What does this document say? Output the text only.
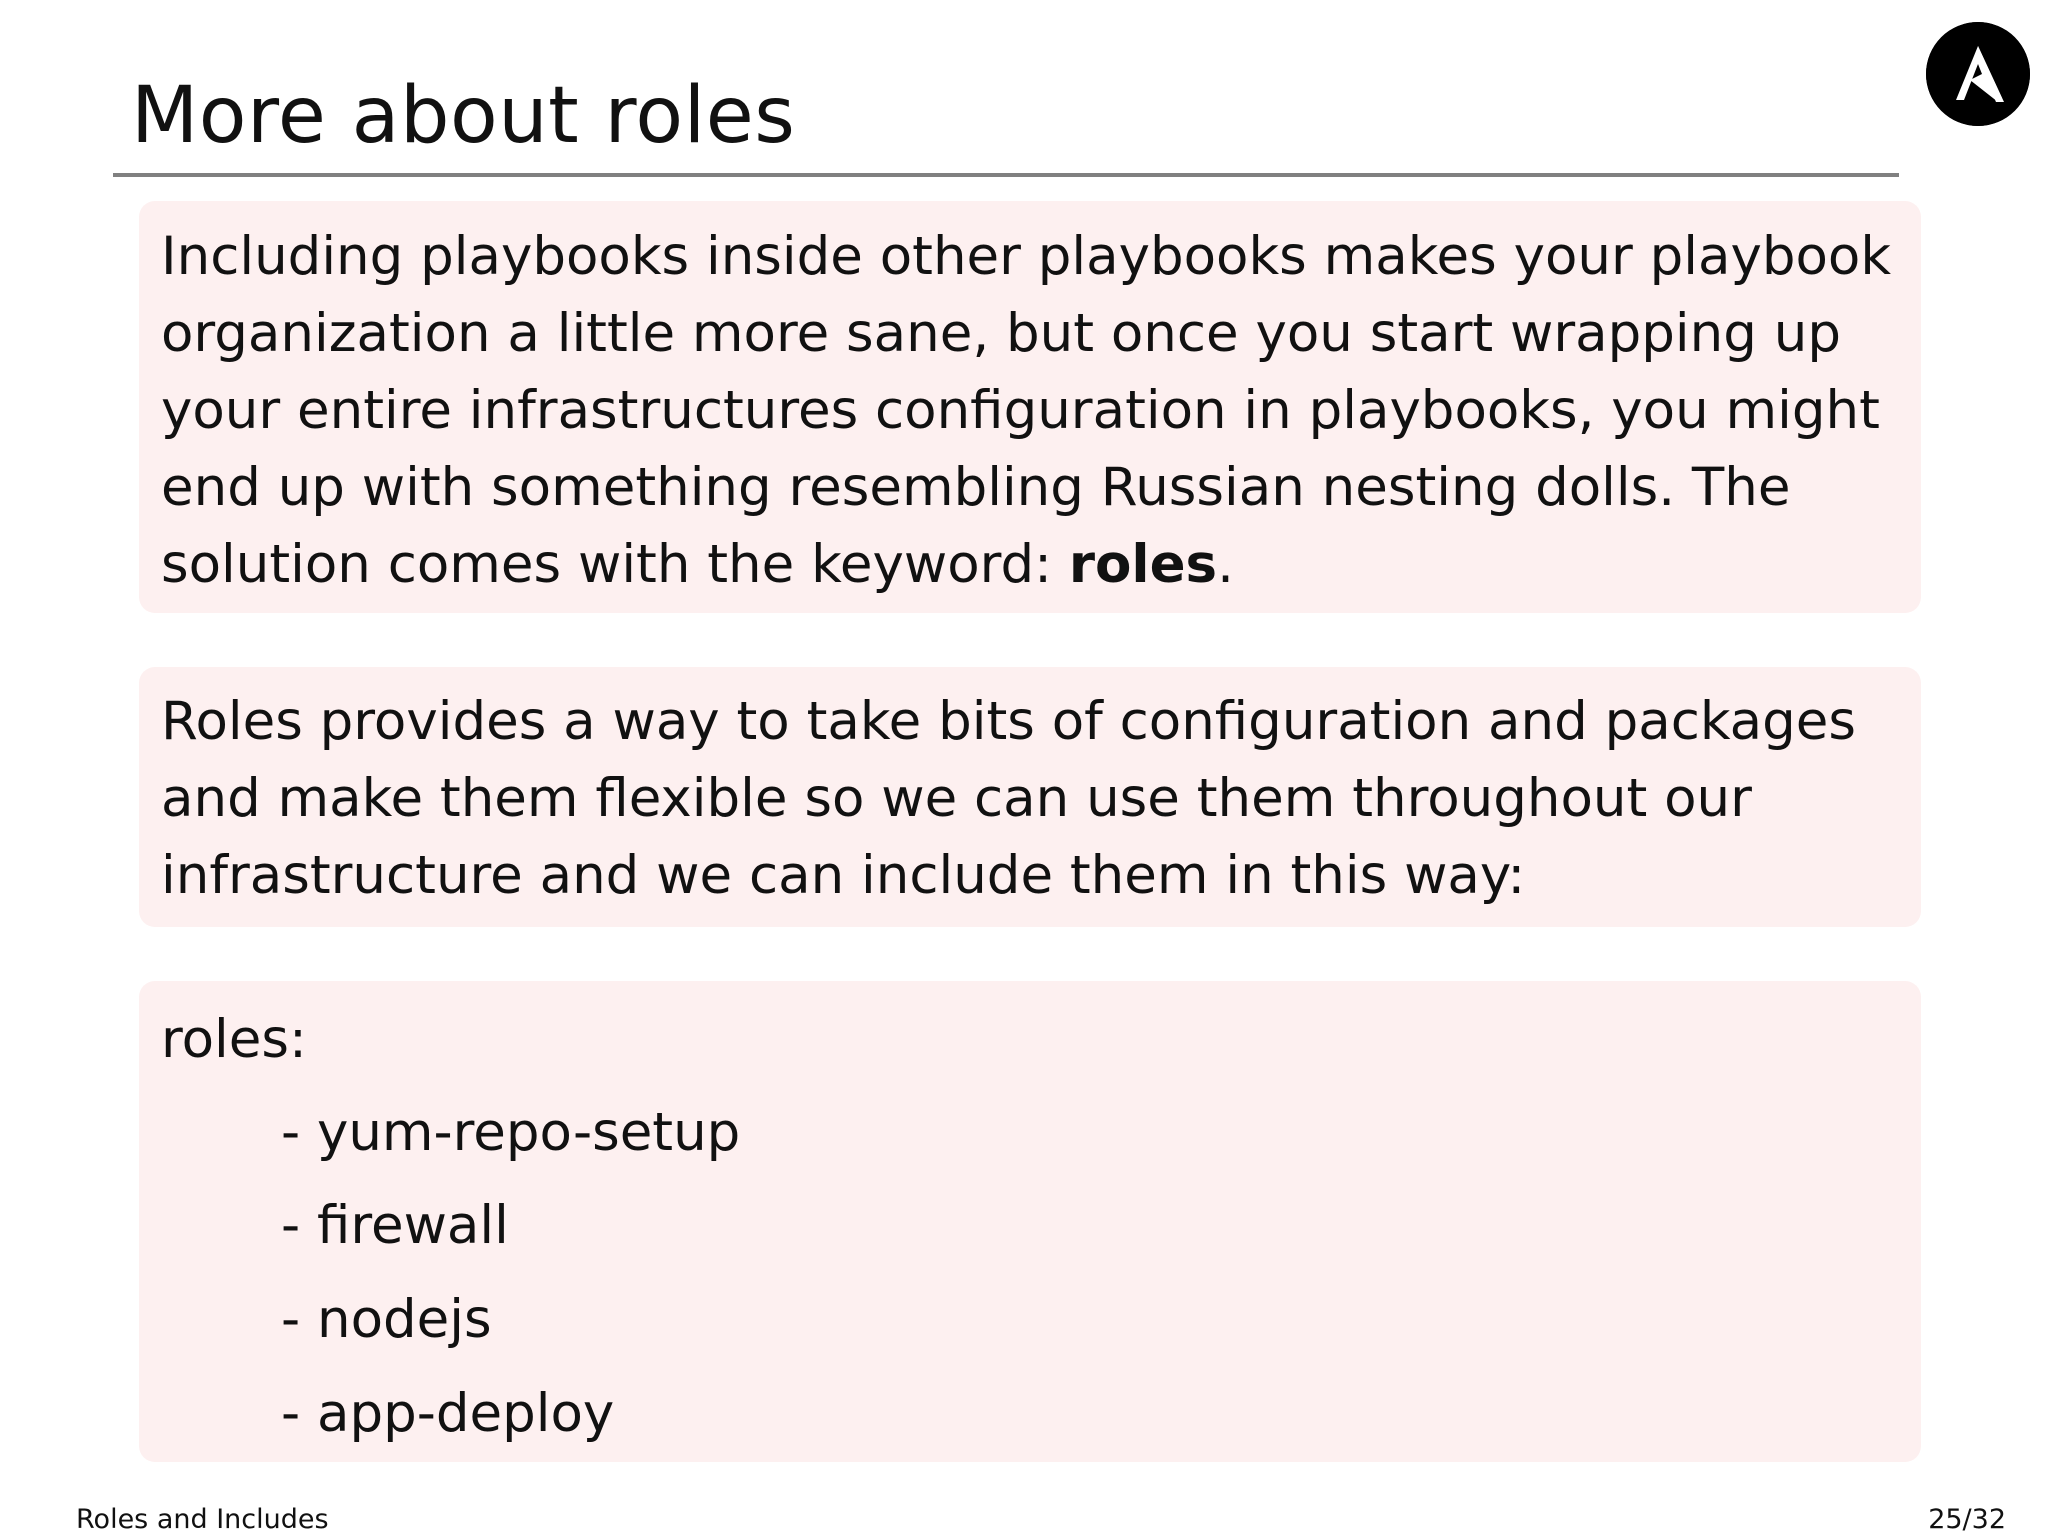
More about roles

Including playbooks inside other playbooks makes your playbook organization a little more sane, but once you start wrapping up your entire infrastructures configuration in playbooks, you might end up with something resembling Russian nesting dolls. The solution comes with the keyword: roles.

Roles provides a way to take bits of configuration and packages and make them flexible so we can use them throughout our infrastructure and we can include them in this way:

roles:
- yum-repo-setup
- firewall
- nodejs
- app-deploy
Roles and Includes	25/32
